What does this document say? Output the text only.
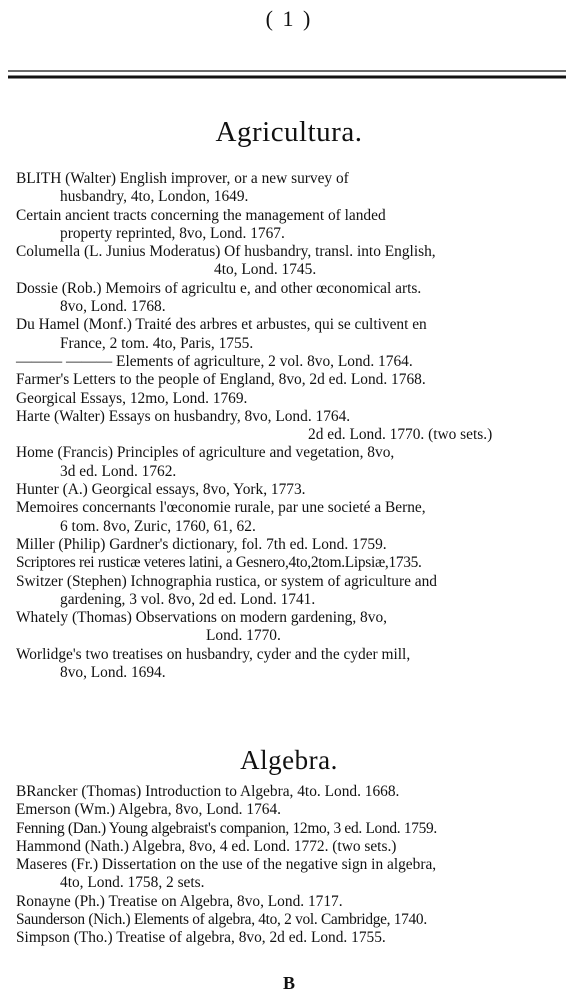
( 1 )
Agricultura.
BLITH (Walter) English improver, or a new survey of
husbandry, 4to, London, 1649.
Certain ancient tracts concerning the management of landed
property reprinted, 8vo, Lond. 1767.
Columella (L. Junius Moderatus) Of husbandry, transl. into English,
4to, Lond. 1745.
Dossie (Rob.) Memoirs of agricultu e, and other œconomical arts.
8vo, Lond. 1768.
Du Hamel (Monf.) Traité des arbres et arbustes, qui se cultivent en
France, 2 tom. 4to, Paris, 1755.
——— ——— Elements of agriculture, 2 vol. 8vo, Lond. 1764.
Farmer's Letters to the people of England, 8vo, 2d ed. Lond. 1768.
Georgical Essays, 12mo, Lond. 1769.
Harte (Walter) Essays on husbandry, 8vo, Lond. 1764.
2d ed. Lond. 1770. (two sets.)
Home (Francis) Principles of agriculture and vegetation, 8vo,
3d ed. Lond. 1762.
Hunter (A.) Georgical essays, 8vo, York, 1773.
Memoires concernants l'œconomie rurale, par une societé a Berne,
6 tom. 8vo, Zuric, 1760, 61, 62.
Miller (Philip) Gardner's dictionary, fol. 7th ed. Lond. 1759.
Scriptores rei rusticæ veteres latini, a Gesnero,4to,2tom.Lipsiæ,1735.
Switzer (Stephen) Ichnographia rustica, or system of agriculture and
gardening, 3 vol. 8vo, 2d ed. Lond. 1741.
Whately (Thomas) Observations on modern gardening, 8vo,
Lond. 1770.
Worlidge's two treatises on husbandry, cyder and the cyder mill,
8vo, Lond. 1694.
Algebra.
BRancker (Thomas) Introduction to Algebra, 4to. Lond. 1668.
Emerson (Wm.) Algebra, 8vo, Lond. 1764.
Fenning (Dan.) Young algebraist's companion, 12mo, 3 ed. Lond. 1759.
Hammond (Nath.) Algebra, 8vo, 4 ed. Lond. 1772. (two sets.)
Maseres (Fr.) Dissertation on the use of the negative sign in algebra,
4to, Lond. 1758, 2 sets.
Ronayne (Ph.) Treatise on Algebra, 8vo, Lond. 1717.
Saunderson (Nich.) Elements of algebra, 4to, 2 vol. Cambridge, 1740.
Simpson (Tho.) Treatise of algebra, 8vo, 2d ed. Lond. 1755.
B
